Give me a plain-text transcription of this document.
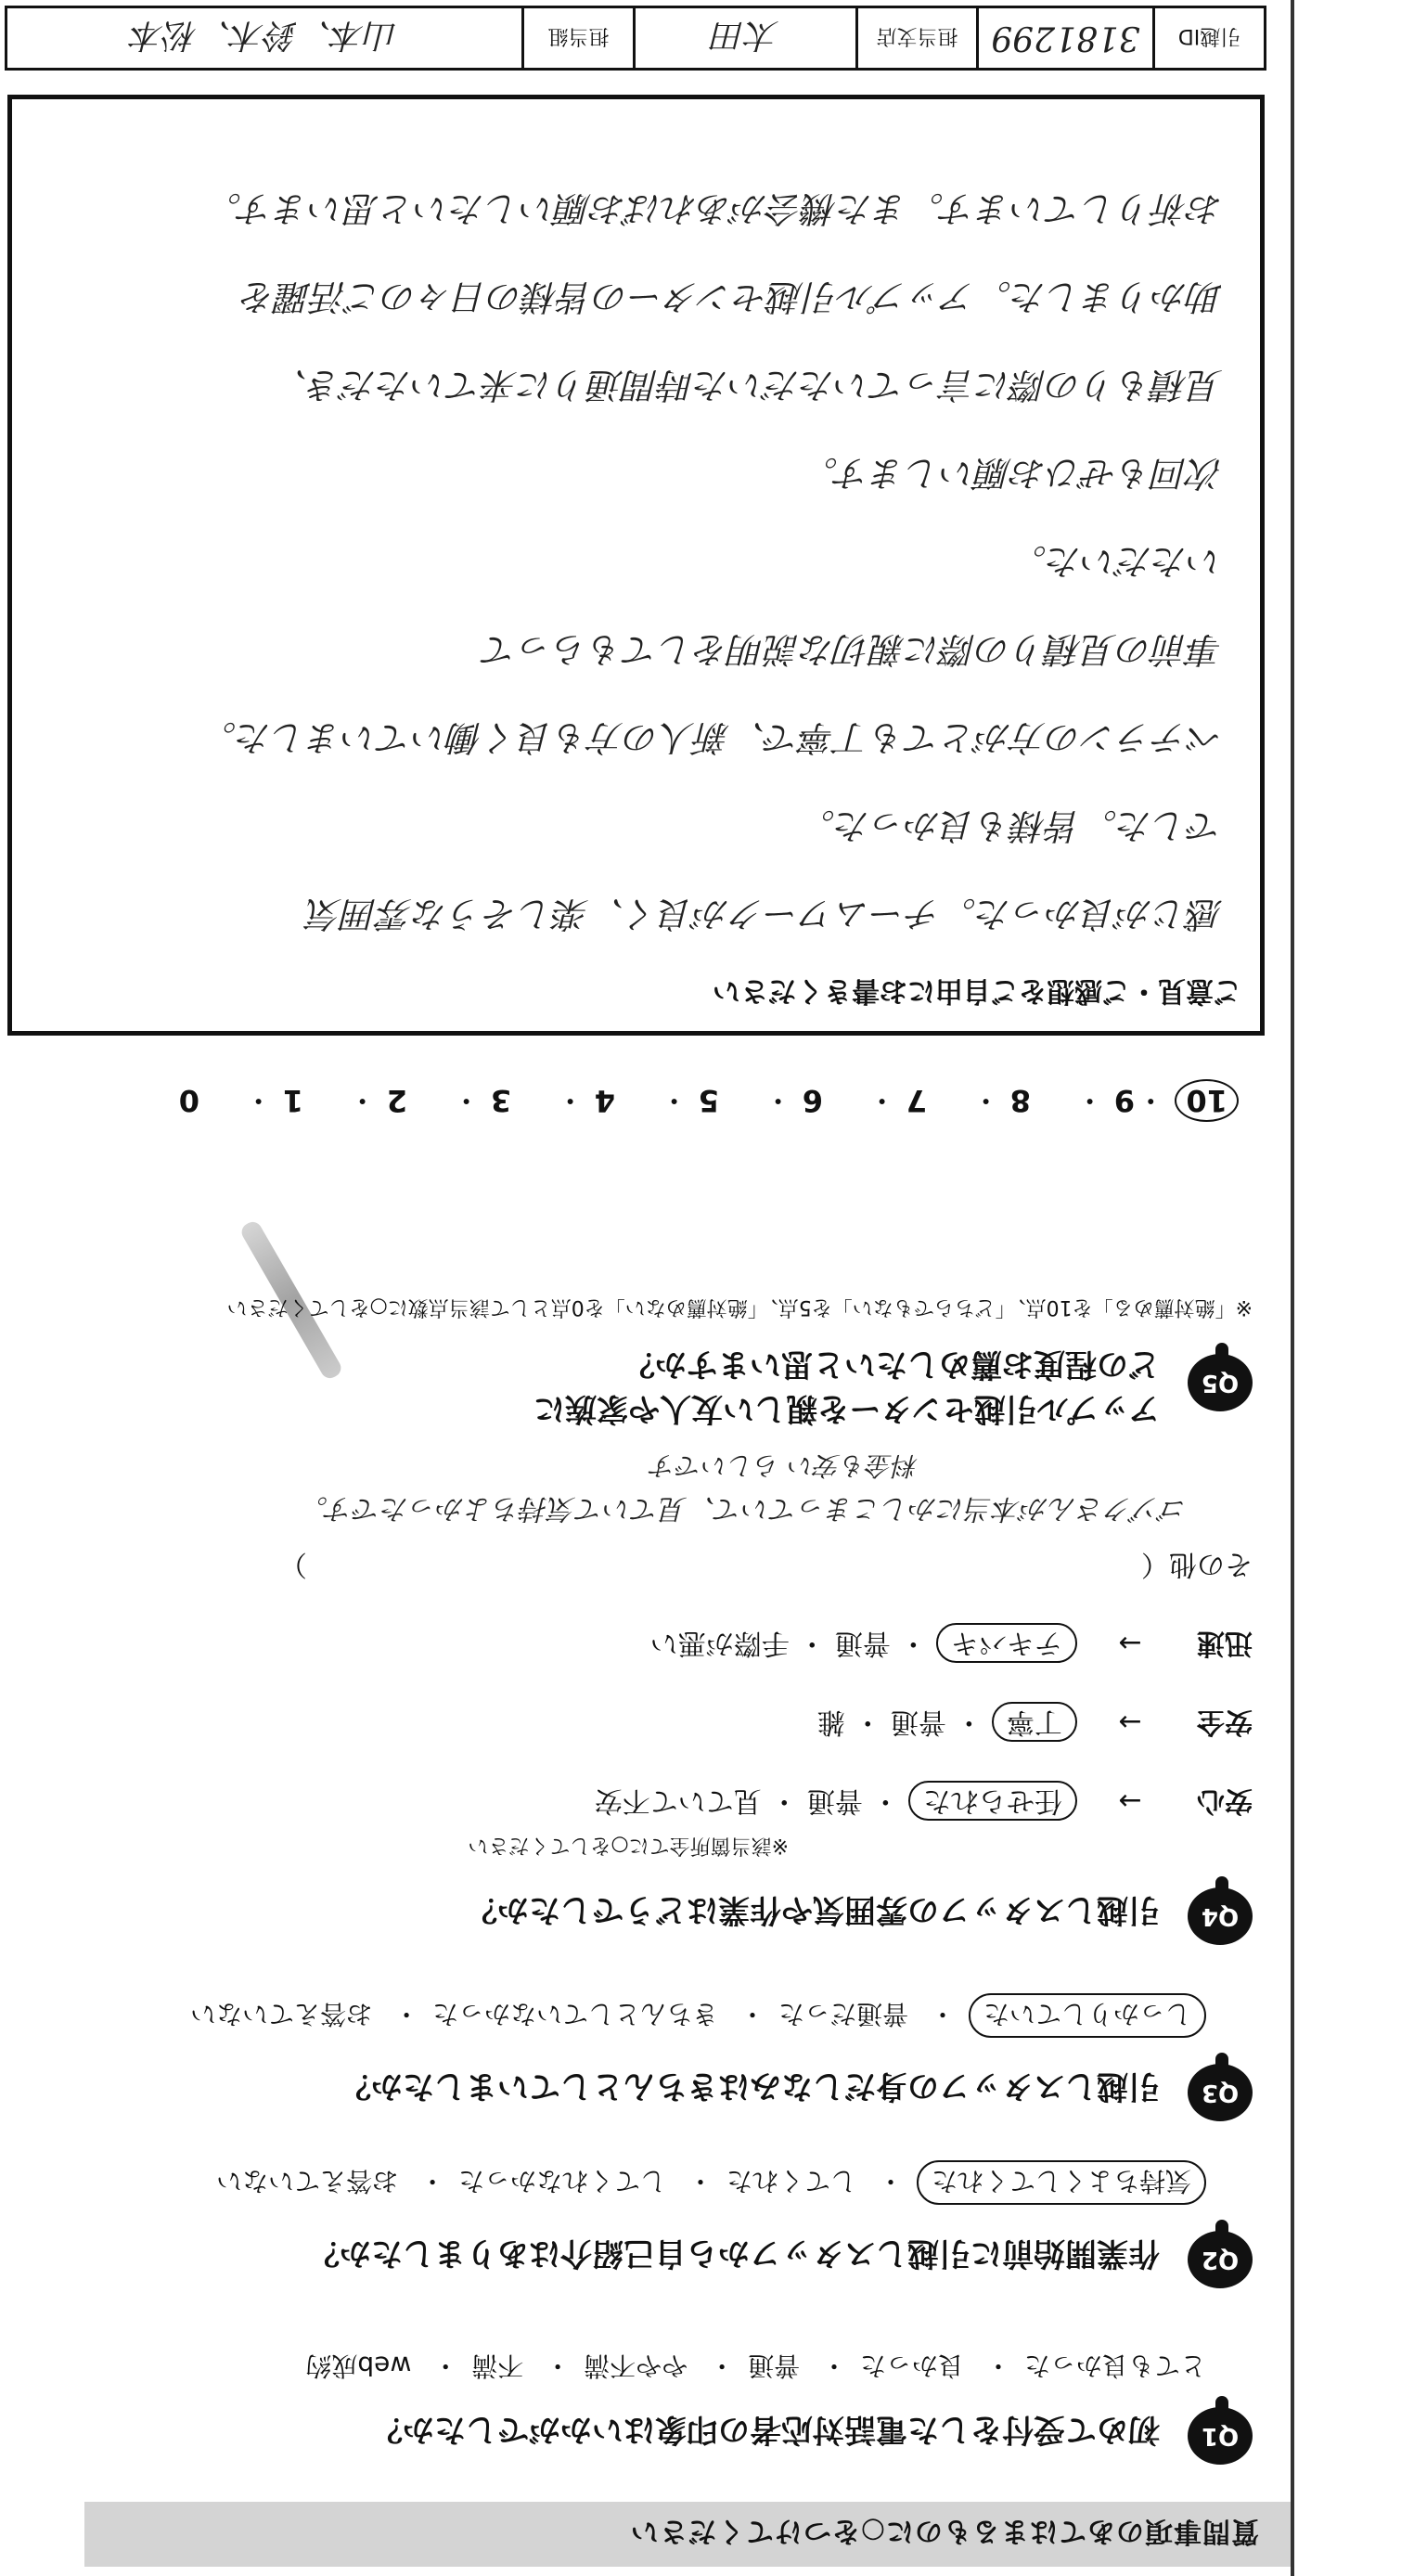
質問事項のあてはまるものに○をつけてください
Q1
初めて受付をした電話対応者の印象はいかがでしたか？
とても良かった・ 良かった・ 普通・ やや不満・ 不満・ web成約
Q2
作業開始前に引越しスタッフから自己紹介はありましたか？
気持ちよくしてくれた・ してくれた・ してくれなかった・ お答えていない
Q3
引越しスタッフの身だしなみはきちんとしていましたか？
しっかりしていた・ 普通だった・ きちんとしていなかった・ お答えていない
Q4
引越しスタッフの雰囲気や作業はどうでしたか？
※該当箇所全てに○をしてください
安心 → 任せられた ・ 普通 ・ 見ていて不安
安全 → 丁寧 ・ 普通 ・ 雑
迅速 → テキパキ ・ 普通 ・ 手際が悪い
その他（  ）
ゴゾクさんが本当にかしこまっていて、見ていて気持ちよかったです。
料金も安い らしいです
Q5
アップル引越センターを親しい友人や家族に
どの程度お薦めしたいと思いますか？
※「絶対薦める」を10点、「どちらでもない」を5点、「絶対薦めない」を0点として該当点数に○をしてください
10 ・9 ・8 ・7 ・6 ・5 ・4 ・3 ・2 ・1 ・0
ご意見・ご感想をご自由にお書きください
感じが良かった。チームワークが良く、楽しそうな雰囲気
でした。皆様も良かった。
ベテランの方がとても丁寧で、新人の方も良く働いていました。
事前の見積りの際に親切な説明をしてもらって
いただいた。
次回もぜひお願いします。
見積もりの際に言っていただいた時間通りに来ていただき、
助かりました。アップル引越センターの皆様の日々のご活躍を
お祈りしています。また機会があればお願いしたいと思います。
引越ID
3181299
担当支店
太田
担当組
山本、鈴木、松本
